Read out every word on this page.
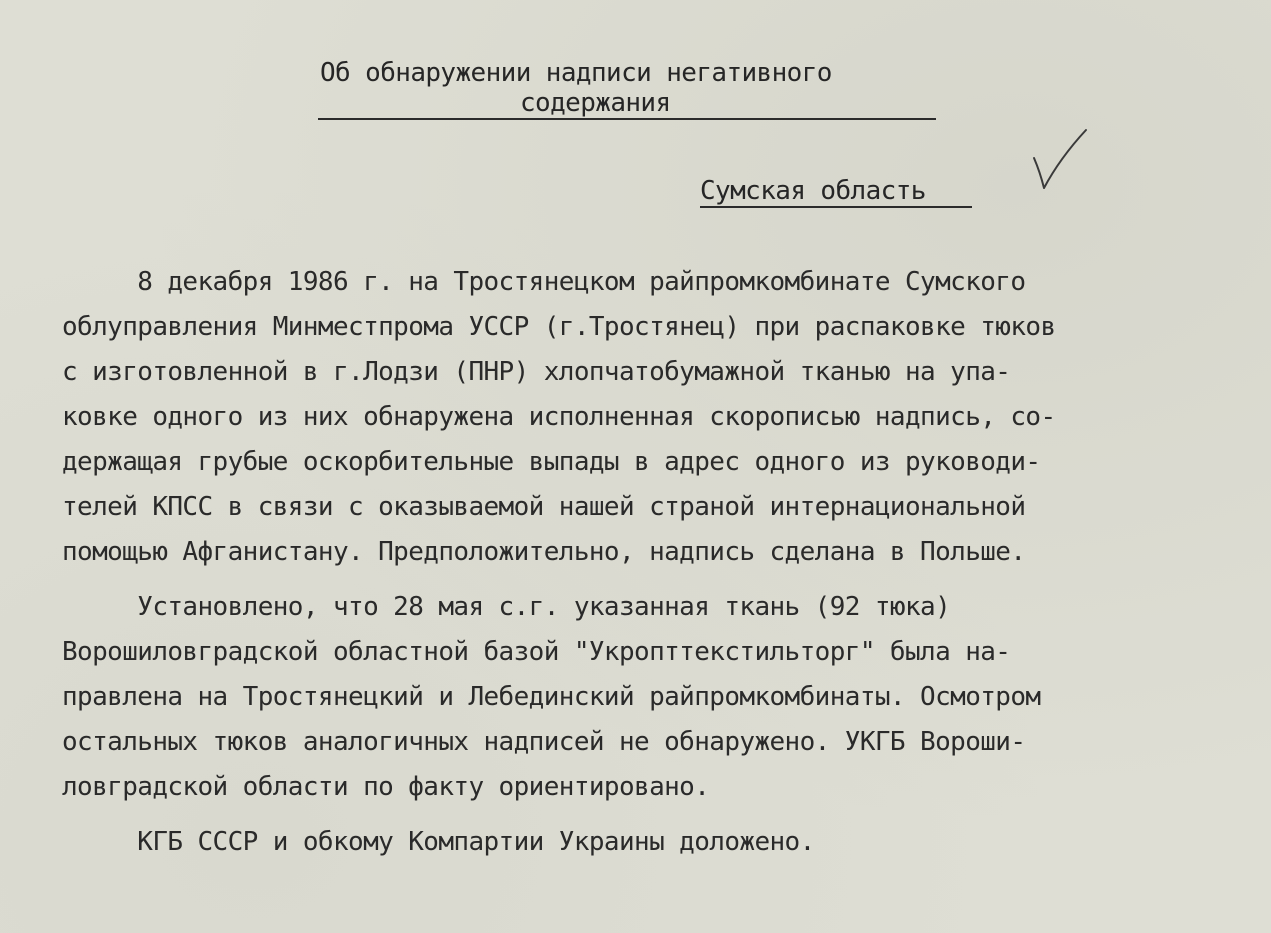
Об обнаружении надписи негативного
содержания
Сумская область
8 декабря 1986 г. на Тростянецком райпромкомбинате Сумского
облуправления Минместпрома УССР (г.Тростянец) при распаковке тюков
с изготовленной в г.Лодзи (ПНР) хлопчатобумажной тканью на упа-
ковке одного из них обнаружена исполненная скорописью надпись, со-
держащая грубые оскорбительные выпады в адрес одного из руководи-
телей КПСС в связи с оказываемой нашей страной интернациональной
помощью Афганистану. Предположительно, надпись сделана в Польше.
Установлено, что 28 мая с.г. указанная ткань (92 тюка)
Ворошиловградской областной базой "Укропттекстильторг" была на-
правлена на Тростянецкий и Лебединский райпромкомбинаты. Осмотром
остальных тюков аналогичных надписей не обнаружено. УКГБ Вороши-
ловградской области по факту ориентировано.
КГБ СССР и обкому Компартии Украины доложено.
